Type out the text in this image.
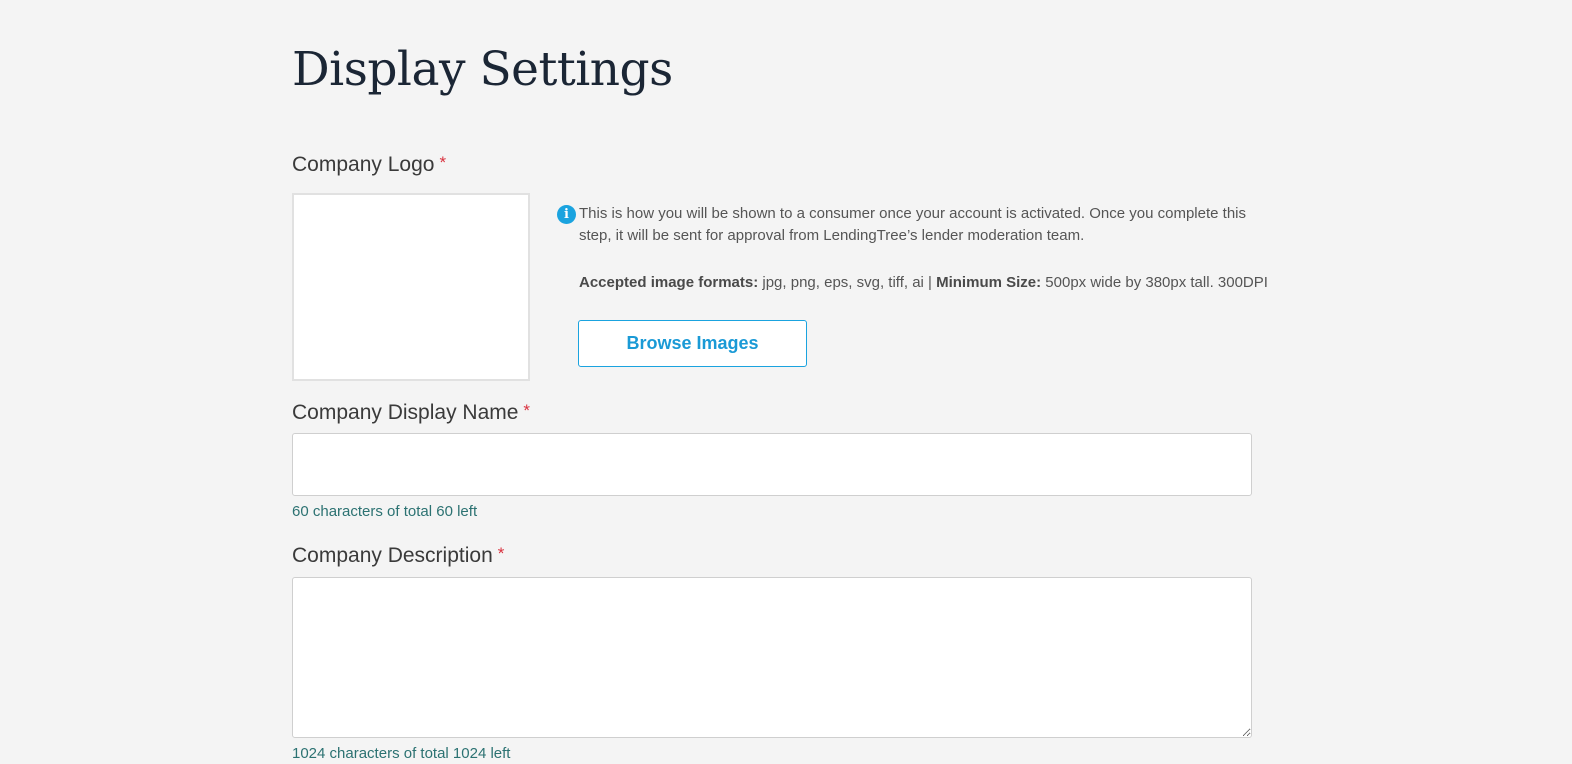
Display Settings
Company Logo *
i This is how you will be shown to a consumer once your account is activated. Once you complete this step, it will be sent for approval from LendingTree’s lender moderation team.

Accepted image formats: jpg, png, eps, svg, tiff, ai | Minimum Size: 500px wide by 380px tall. 300DPI

Browse Images
Company Display Name *

60 characters of total 60 left

Company Description *

1024 characters of total 1024 left
